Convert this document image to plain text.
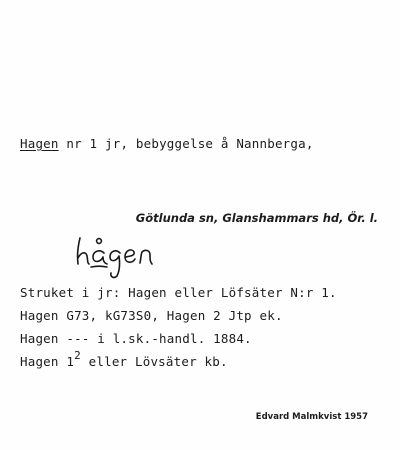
Hagen nr 1 jr, bebyggelse å Nannberga,
Götlunda sn, Glanshammars hd, Ör. l.
Struket i jr: Hagen eller Löfsäter N:r 1.
Hagen G73, kG73S0, Hagen 2 Jtp ek.
Hagen --- i l.sk.-handl. 1884.
Hagen 12 eller Lövsäter kb.
Edvard Malmkvist 1957
